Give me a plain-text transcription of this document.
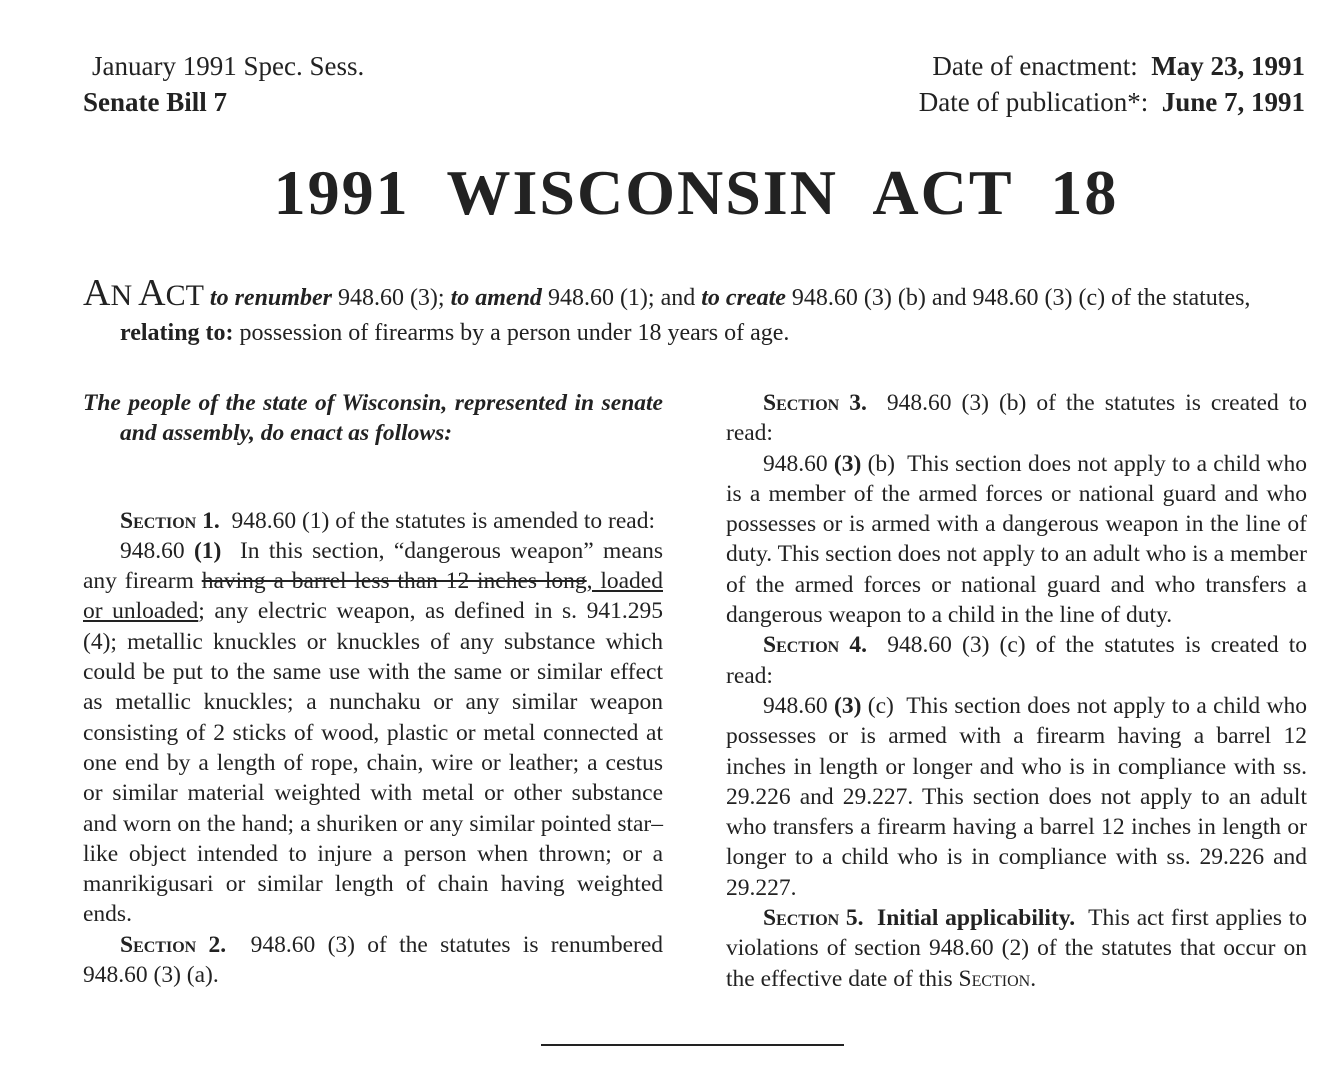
January 1991 Spec. Sess.
Senate Bill 7
Date of enactment: May 23, 1991
Date of publication*: June 7, 1991
1991 WISCONSIN ACT 18
AN ACT to renumber 948.60 (3); to amend 948.60 (1); and to create 948.60 (3) (b) and 948.60 (3) (c) of the statutes,
relating to: possession of firearms by a person under 18 years of age.

The people of the state of Wisconsin, represented in senate and assembly, do enact as follows:

Section 1. 948.60 (1) of the statutes is amended to read:

948.60 (1) In this section, “dangerous weapon” means any firearm having a barrel less than 12 inches long, loaded or unloaded; any electric weapon, as defined in s. 941.295 (4); metallic knuckles or knuckles of any substance which could be put to the same use with the same or similar effect as metallic knuckles; a nunchaku or any similar weapon consisting of 2 sticks of wood, plastic or metal connected at one end by a length of rope, chain, wire or leather; a cestus or similar material weighted with metal or other substance and worn on the hand; a shuriken or any similar pointed star–like object intended to injure a person when thrown; or a manrikigusari or similar length of chain having weighted ends.

Section 2. 948.60 (3) of the statutes is renumbered 948.60 (3) (a).

Section 3. 948.60 (3) (b) of the statutes is created to read:

948.60 (3) (b) This section does not apply to a child who is a member of the armed forces or national guard and who possesses or is armed with a dangerous weapon in the line of duty. This section does not apply to an adult who is a member of the armed forces or national guard and who transfers a dangerous weapon to a child in the line of duty.

Section 4. 948.60 (3) (c) of the statutes is created to read:

948.60 (3) (c) This section does not apply to a child who possesses or is armed with a firearm having a barrel 12 inches in length or longer and who is in compliance with ss. 29.226 and 29.227. This section does not apply to an adult who transfers a firearm having a barrel 12 inches in length or longer to a child who is in compliance with ss. 29.226 and 29.227.

Section 5. Initial applicability. This act first applies to violations of section 948.60 (2) of the statutes that occur on the effective date of this Section.
